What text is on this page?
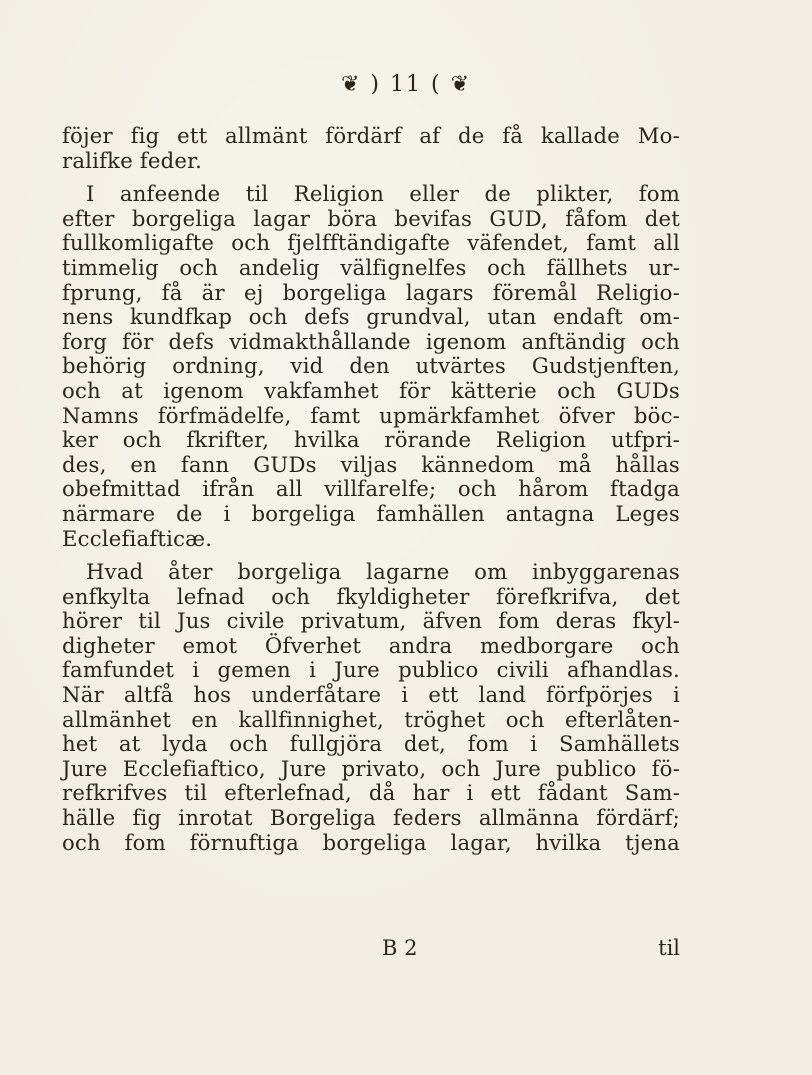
❦ ) 11 ( ❦
föjer fig ett allmänt fördärf af de få kallade Mo-
ralifke feder.
I anfeende til Religion eller de plikter, fom
efter borgeliga lagar böra bevifas GUD, fåfom det
fullkomligafte och fjelfftändigafte väfendet, famt all
timmelig och andelig välfignelfes och fällhets ur-
fprung, få är ej borgeliga lagars föremål Religio-
nens kundfkap och defs grundval, utan endaft om-
forg för defs vidmakthållande igenom anftändig och
behörig ordning, vid den utvärtes Gudstjenften,
och at igenom vakfamhet för kätterie och GUDs
Namns förfmädelfe, famt upmärkfamhet öfver böc-
ker och fkrifter, hvilka rörande Religion utfpri-
des, en fann GUDs viljas kännedom må hållas
obefmittad ifrån all villfarelfe; och hårom ftadga
närmare de i borgeliga famhällen antagna Leges
Ecclefiafticæ.
Hvad åter borgeliga lagarne om inbyggarenas
enfkylta lefnad och fkyldigheter förefkrifva, det
hörer til Jus civile privatum, äfven fom deras fkyl-
digheter emot Öfverhet andra medborgare och
famfundet i gemen i Jure publico civili afhandlas.
När altfå hos underfåtare i ett land förfpörjes i
allmänhet en kallfinnighet, tröghet och efterlåten-
het at lyda och fullgjöra det, fom i Samhällets
Jure Ecclefiaftico, Jure privato, och Jure publico fö-
refkrifves til efterlefnad, då har i ett fådant Sam-
hälle fig inrotat Borgeliga feders allmänna fördärf;
och fom förnuftiga borgeliga lagar, hvilka tjena
B 2	til
